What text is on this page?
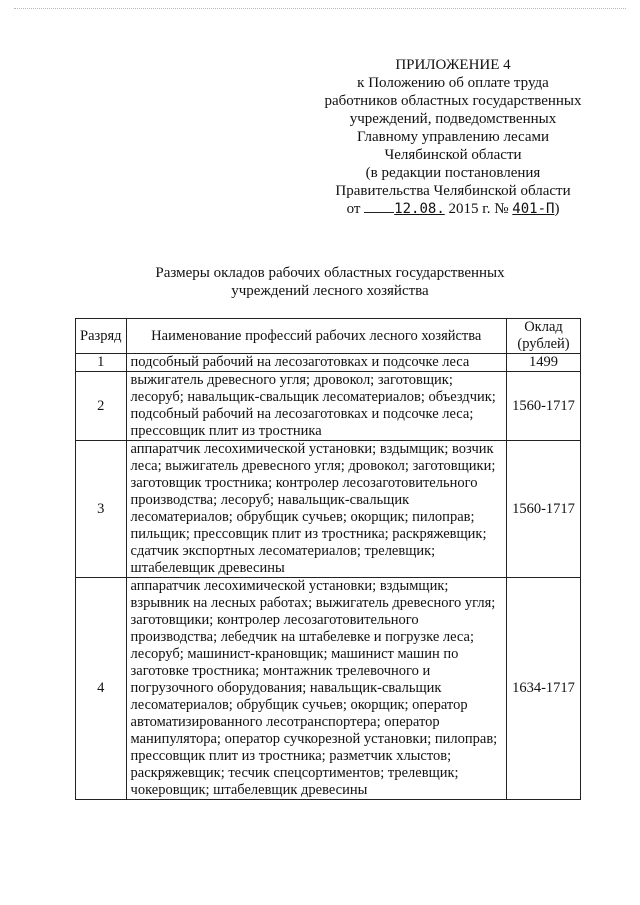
ПРИЛОЖЕНИЕ 4
к Положению об оплате труда
работников областных государственных
учреждений, подведомственных
Главному управлению лесами
Челябинской области
(в редакции постановления
Правительства Челябинской области
от 12.08. 2015 г. № 401-П)
Размеры окладов рабочих областных государственных
учреждений лесного хозяйства
Разряд	Наименование профессий рабочих лесного хозяйства	Оклад
(рублей)

1	подсобный рабочий на лесозаготовках и подсочке леса	1499
2	выжигатель древесного угля; дровокол; заготовщик; лесоруб; навальщик-свальщик лесоматериалов; объездчик; подсобный рабочий на лесозаготовках и подсочке леса; прессовщик плит из тростника	1560-1717
3	аппаратчик лесохимической установки; вздымщик; возчик леса; выжигатель древесного угля; дровокол; заготовщики; заготовщик тростника; контролер лесозаготовительного производства; лесоруб; навальщик-свальщик лесоматериалов; обрубщик сучьев; окорщик; пилоправ; пильщик; прессовщик плит из тростника; раскряжевщик; сдатчик экспортных лесоматериалов; трелевщик; штабелевщик древесины	1560-1717
4	аппаратчик лесохимической установки; вздымщик; взрывник на лесных работах; выжигатель древесного угля; заготовщики; контролер лесозаготовительного производства; лебедчик на штабелевке и погрузке леса; лесоруб; машинист-крановщик; машинист машин по заготовке тростника; монтажник трелевочного и погрузочного оборудования; навальщик-свальщик лесоматериалов; обрубщик сучьев; окорщик; оператор автоматизированного лесотранспортера; оператор манипулятора; оператор сучкорезной установки; пилоправ; прессовщик плит из тростника; разметчик хлыстов; раскряжевщик; тесчик спецсортиментов; трелевщик; чокеровщик; штабелевщик древесины	1634-1717
